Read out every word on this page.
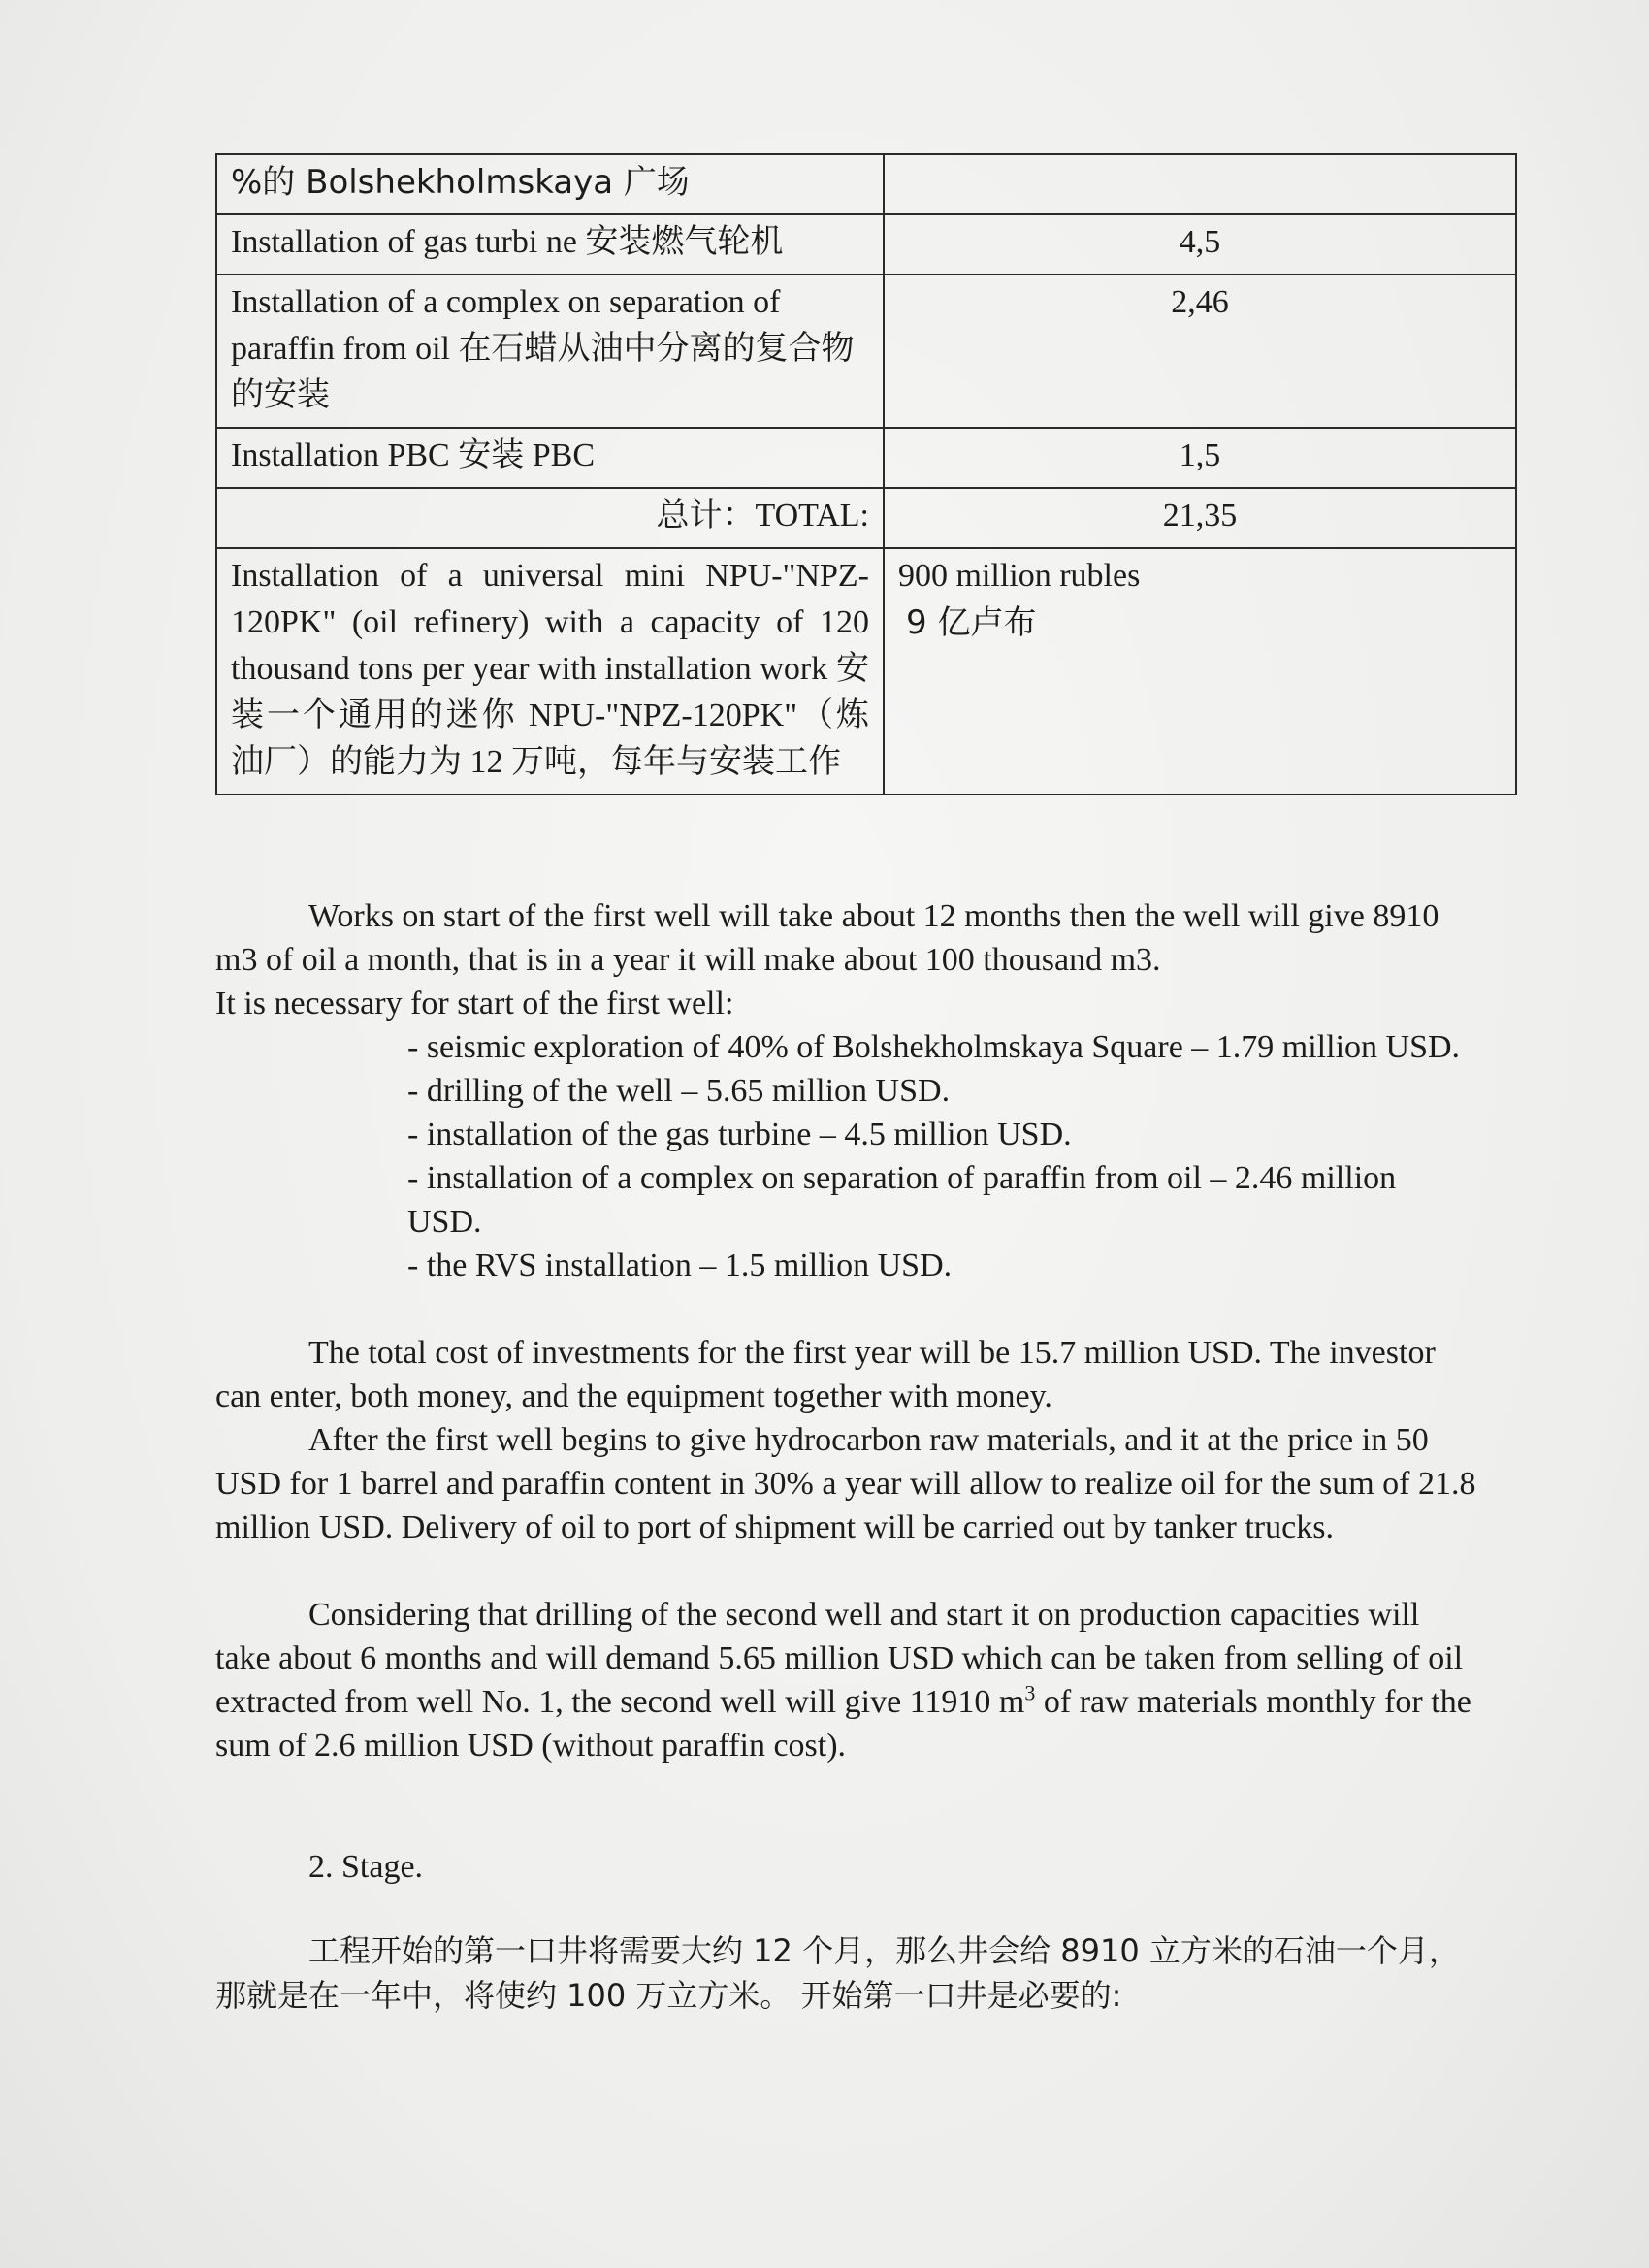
%的 Bolshekholmskaya 广场	
Installation of gas turbi ne 安装燃气轮机	4,5
Installation of a complex on separation of paraffin from oil 在石蜡从油中分离的复合物的安装	2,46
Installation PBC 安装 PBC	1,5
总计：TOTAL:	21,35
Installation of a universal mini NPU-"NPZ-120PK" (oil refinery) with a capacity of 120 thousand tons per year with installation work 安装一个通用的迷你 NPU-"NPZ-120PK"（炼油厂）的能力为 12 万吨，每年与安装工作	900 million rubles
9 亿卢布
Works on start of the first well will take about 12 months then the well will give 8910 m3 of oil a month, that is in a year it will make about 100 thousand m3.
It is necessary for start of the first well:
- seismic exploration of 40% of Bolshekholmskaya Square – 1.79 million USD.
- drilling of the well – 5.65 million USD.
- installation of the gas turbine – 4.5 million USD.
- installation of a complex on separation of paraffin from oil – 2.46 million USD.
- the RVS installation – 1.5 million USD.
The total cost of investments for the first year will be 15.7 million USD. The investor can enter, both money, and the equipment together with money.
After the first well begins to give hydrocarbon raw materials, and it at the price in 50 USD for 1 barrel and paraffin content in 30% a year will allow to realize oil for the sum of 21.8 million USD. Delivery of oil to port of shipment will be carried out by tanker trucks.
Considering that drilling of the second well and start it on production capacities will take about 6 months and will demand 5.65 million USD which can be taken from selling of oil extracted from well No. 1, the second well will give 11910 $m^3$ of raw materials monthly for the sum of 2.6 million USD (without paraffin cost).
2. Stage.
工程开始的第一口井将需要大约 12 个月，那么井会给 8910 立方米的石油一个月，那就是在一年中，将使约 100 万立方米。 开始第一口井是必要的:
